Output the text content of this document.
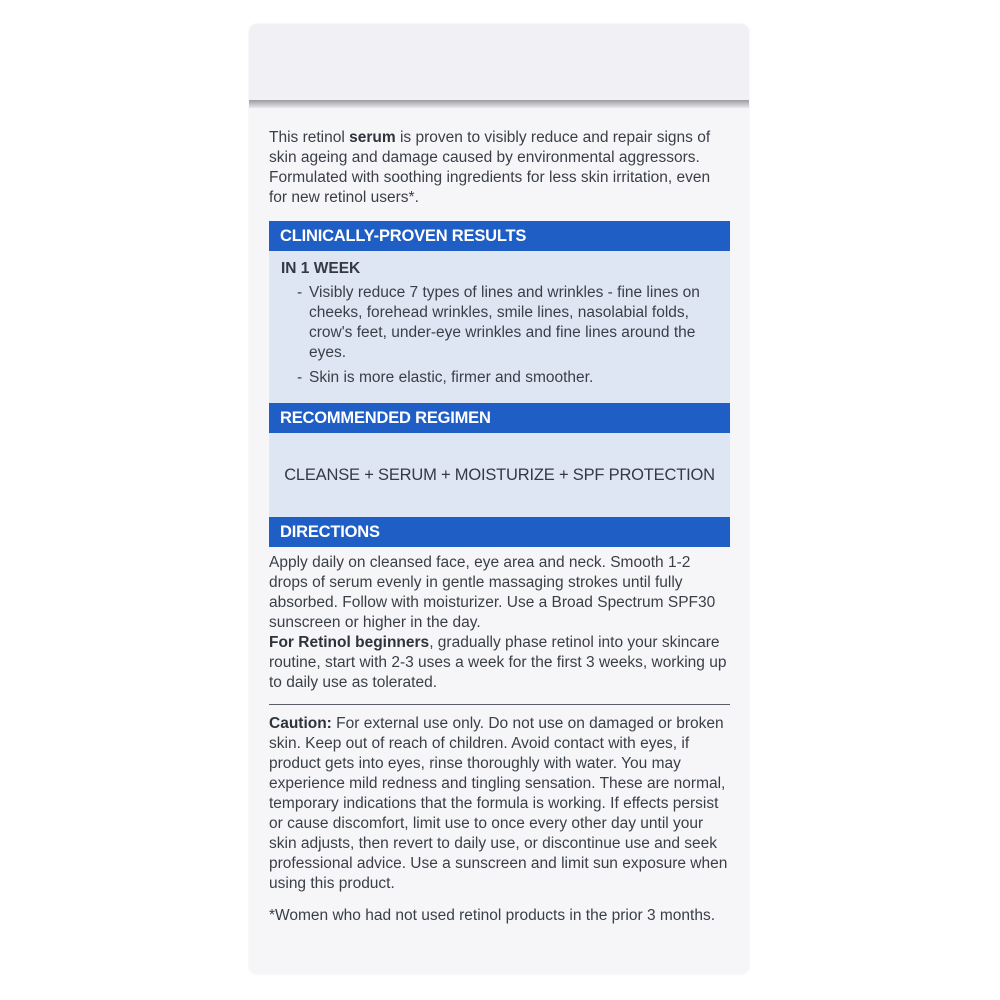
This retinol serum is proven to visibly reduce and repair signs of skin ageing and damage caused by environmental aggressors. Formulated with soothing ingredients for less skin irritation, even for new retinol users*.

CLINICALLY-PROVEN RESULTS
IN 1 WEEK
- Visibly reduce 7 types of lines and wrinkles - fine lines on cheeks, forehead wrinkles, smile lines, nasolabial folds, crow's feet, under-eye wrinkles and fine lines around the eyes.
- Skin is more elastic, firmer and smoother.
RECOMMENDED REGIMEN
CLEANSE + SERUM + MOISTURIZE + SPF PROTECTION
DIRECTIONS

Apply daily on cleansed face, eye area and neck. Smooth 1-2 drops of serum evenly in gentle massaging strokes until fully absorbed. Follow with moisturizer. Use a Broad Spectrum SPF30 sunscreen or higher in the day.

For Retinol beginners, gradually phase retinol into your skincare routine, start with 2-3 uses a week for the first 3 weeks, working up to daily use as tolerated.

Caution: For external use only. Do not use on damaged or broken skin. Keep out of reach of children. Avoid contact with eyes, if product gets into eyes, rinse thoroughly with water. You may experience mild redness and tingling sensation. These are normal, temporary indications that the formula is working. If effects persist or cause discomfort, limit use to once every other day until your skin adjusts, then revert to daily use, or discontinue use and seek professional advice. Use a sunscreen and limit sun exposure when using this product.

*Women who had not used retinol products in the prior 3 months.
